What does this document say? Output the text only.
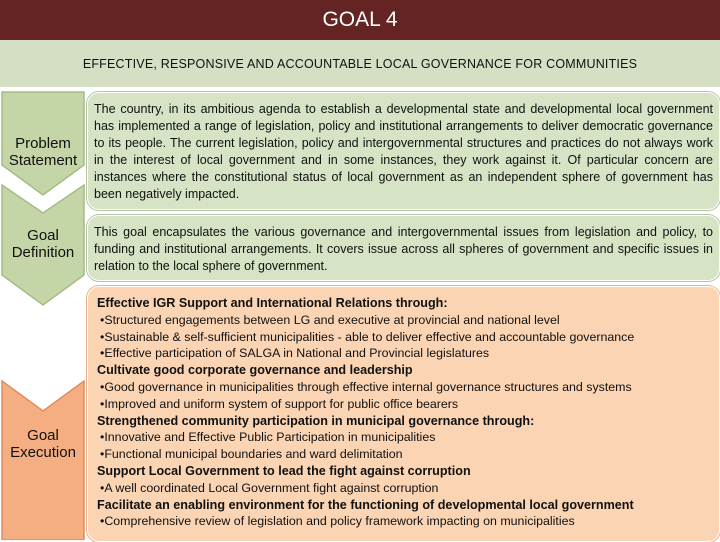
GOAL 4
EFFECTIVE, RESPONSIVE AND ACCOUNTABLE LOCAL GOVERNANCE FOR COMMUNITIES
Problem
Statement
Goal
Definition
Goal
Execution
The country, in its ambitious agenda to establish a developmental state and developmental local government has implemented a range of legislation, policy and institutional arrangements to deliver democratic governance to its people. The current legislation, policy and intergovernmental structures and practices do not always work in the interest of local government and in some instances, they work against it. Of particular concern are instances where the constitutional status of local government as an independent sphere of government has been negatively impacted.
This goal encapsulates the various governance and intergovernmental issues from legislation and policy, to funding and institutional arrangements. It covers issue across all spheres of government and specific issues in relation to the local sphere of government.
Effective IGR Support and International Relations through:
• Structured engagements between LG and executive at provincial and national level
• Sustainable & self-sufficient municipalities - able to deliver effective and accountable governance
• Effective participation of SALGA in National and Provincial legislatures
Cultivate good corporate governance and leadership
• Good governance in municipalities through effective internal governance structures and systems
• Improved and uniform system of support for public office bearers
Strengthened community participation in municipal governance through:
• Innovative and Effective Public Participation in municipalities
• Functional municipal boundaries and ward delimitation
Support Local Government to lead the fight against corruption
• A well coordinated Local Government fight against corruption
Facilitate an enabling environment for the functioning of developmental local government
• Comprehensive review of legislation and policy framework impacting on municipalities
